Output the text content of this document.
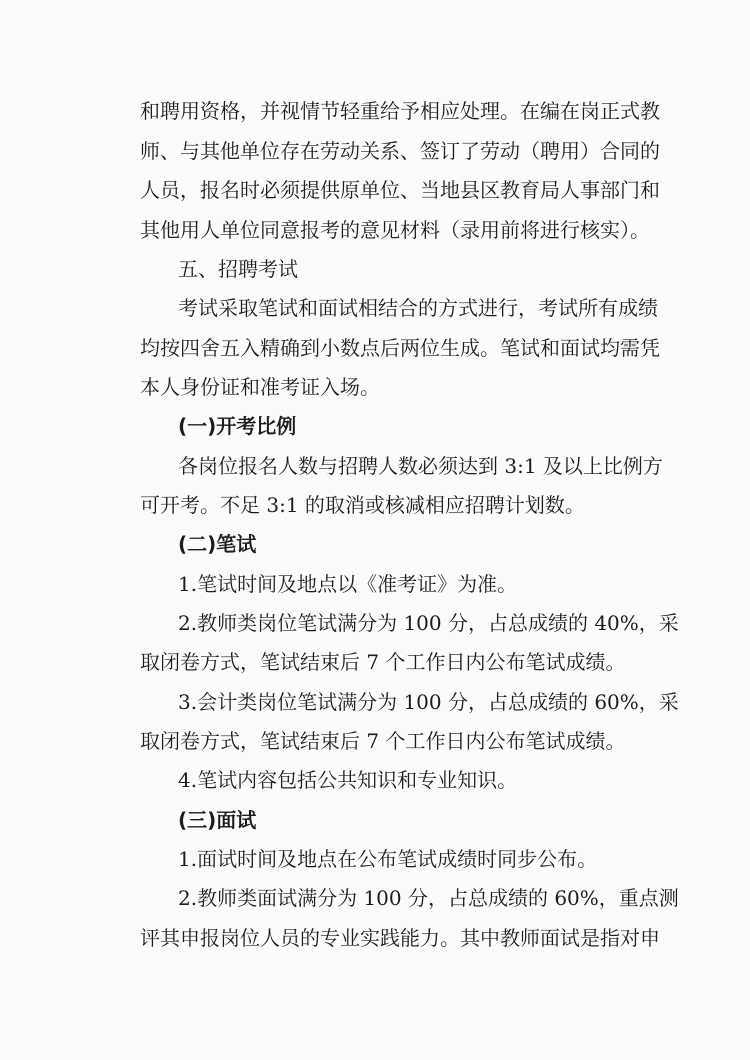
和聘用资格，并视情节轻重给予相应处理。在编在岗正式教
师、与其他单位存在劳动关系、签订了劳动（聘用）合同的
人员，报名时必须提供原单位、当地县区教育局人事部门和
其他用人单位同意报考的意见材料（录用前将进行核实）。
五、招聘考试
考试采取笔试和面试相结合的方式进行，考试所有成绩
均按四舍五入精确到小数点后两位生成。笔试和面试均需凭
本人身份证和准考证入场。
(一)开考比例
各岗位报名人数与招聘人数必须达到 3:1 及以上比例方
可开考。不足 3:1 的取消或核减相应招聘计划数。
(二)笔试
1.笔试时间及地点以《准考证》为准。
2.教师类岗位笔试满分为 100 分，占总成绩的 40%，采
取闭卷方式，笔试结束后 7 个工作日内公布笔试成绩。
3.会计类岗位笔试满分为 100 分，占总成绩的 60%，采
取闭卷方式，笔试结束后 7 个工作日内公布笔试成绩。
4.笔试内容包括公共知识和专业知识。
(三)面试
1.面试时间及地点在公布笔试成绩时同步公布。
2.教师类面试满分为 100 分，占总成绩的 60%，重点测
评其申报岗位人员的专业实践能力。其中教师面试是指对申
